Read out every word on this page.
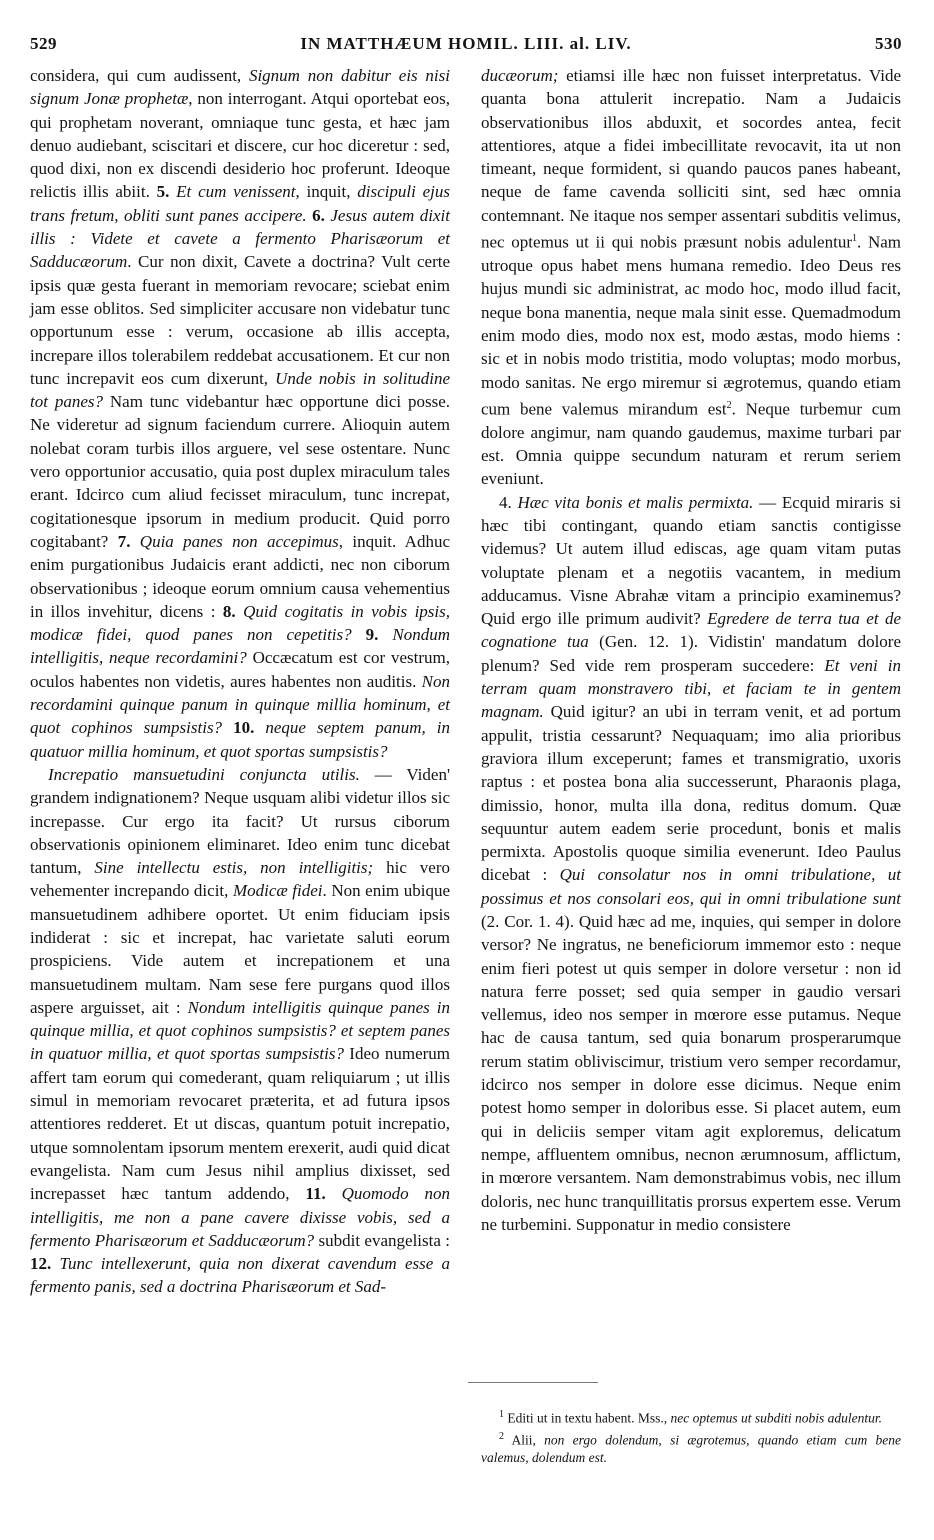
529	IN MATTHÆUM HOMIL. LIII. al. LIV.	530

considera, qui cum audissent, Signum non dabitur eis nisi signum Jonæ prophetæ, non interrogant. Atqui oportebat eos, qui prophetam noverant, omniaque tunc gesta, et hæc jam denuo audiebant, sciscitari et discere, cur hoc diceretur : sed, quod dixi, non ex discendi desiderio hoc proferunt. Ideoque relictis illis abiit. 5. Et cum venissent, inquit, discipuli ejus trans fretum, obliti sunt panes accipere. 6. Jesus autem dixit illis : Videte et cavete a fermento Pharisæorum et Sadducæorum. Cur non dixit, Cavete a doctrina? Vult certe ipsis quæ gesta fuerant in memoriam revocare; sciebat enim jam esse oblitos. Sed simpliciter accusare non videbatur tunc opportunum esse : verum, occasione ab illis accepta, increpare illos tolerabilem reddebat accusationem. Et cur non tunc increpavit eos cum dixerunt, Unde nobis in solitudine tot panes? Nam tunc videbantur hæc opportune dici posse. Ne videretur ad signum faciendum currere. Alioquin autem nolebat coram turbis illos arguere, vel sese ostentare. Nunc vero opportunior accusatio, quia post duplex miraculum tales erant. Idcirco cum aliud fecisset miraculum, tunc increpat, cogitationesque ipsorum in medium producit. Quid porro cogitabant? 7. Quia panes non accepimus, inquit. Adhuc enim purgationibus Judaicis erant addicti, nec non ciborum observationibus ; ideoque eorum omnium causa vehementius in illos invehitur, dicens : 8. Quid cogitatis in vobis ipsis, modicæ fidei, quod panes non cepetitis? 9. Nondum intelligitis, neque recordamini? Occæcatum est cor vestrum, oculos habentes non videtis, aures habentes non auditis. Non recordamini quinque panum in quinque millia hominum, et quot cophinos sumpsistis? 10. neque septem panum, in quatuor millia hominum, et quot sportas sumpsistis?

Increpatio mansuetudini conjuncta utilis. — Viden' grandem indignationem? Neque usquam alibi videtur illos sic increpasse. Cur ergo ita facit? Ut rursus ciborum observationis opinionem eliminaret. Ideo enim tunc dicebat tantum, Sine intellectu estis, non intelligitis; hic vero vehementer increpando dicit, Modicæ fidei. Non enim ubique mansuetudinem adhibere oportet. Ut enim fiduciam ipsis indiderat : sic et increpat, hac varietate saluti eorum prospiciens. Vide autem et increpationem et una mansuetudinem multam. Nam sese fere purgans quod illos aspere arguisset, ait : Nondum intelligitis quinque panes in quinque millia, et quot cophinos sumpsistis? et septem panes in quatuor millia, et quot sportas sumpsistis? Ideo numerum affert tam eorum qui comederant, quam reliquiarum ; ut illis simul in memoriam revocaret præterita, et ad futura ipsos attentiores redderet. Et ut discas, quantum potuit increpatio, utque somnolentam ipsorum mentem erexerit, audi quid dicat evangelista. Nam cum Jesus nihil amplius dixisset, sed increpasset hæc tantum addendo, 11. Quomodo non intelligitis, me non a pane cavere dixisse vobis, sed a fermento Pharisæorum et Sadducæorum? subdit evangelista : 12. Tunc intellexerunt, quia non dixerat cavendum esse a fermento panis, sed a doctrina Pharisæorum et Sad-

ducæorum; etiamsi ille hæc non fuisset interpretatus. Vide quanta bona attulerit increpatio. Nam a Judaicis observationibus illos abduxit, et socordes antea, fecit attentiores, atque a fidei imbecillitate revocavit, ita ut non timeant, neque formident, si quando paucos panes habeant, neque de fame cavenda solliciti sint, sed hæc omnia contemnant. Ne itaque nos semper assentari subditis velimus, nec optemus ut ii qui nobis præsunt nobis adulentur$^1$. Nam utroque opus habet mens humana remedio. Ideo Deus res hujus mundi sic administrat, ac modo hoc, modo illud facit, neque bona manentia, neque mala sinit esse. Quemadmodum enim modo dies, modo nox est, modo æstas, modo hiems : sic et in nobis modo tristitia, modo voluptas; modo morbus, modo sanitas. Ne ergo miremur si ægrotemus, quando etiam cum bene valemus mirandum est$^2$. Neque turbemur cum dolore angimur, nam quando gaudemus, maxime turbari par est. Omnia quippe secundum naturam et rerum seriem eveniunt.

4. Hæc vita bonis et malis permixta. — Ecquid miraris si hæc tibi contingant, quando etiam sanctis contigisse videmus? Ut autem illud ediscas, age quam vitam putas voluptate plenam et a negotiis vacantem, in medium adducamus. Visne Abrahæ vitam a principio examinemus? Quid ergo ille primum audivit? Egredere de terra tua et de cognatione tua (Gen. 12. 1). Vidistin' mandatum dolore plenum? Sed vide rem prosperam succedere: Et veni in terram quam monstravero tibi, et faciam te in gentem magnam. Quid igitur? an ubi in terram venit, et ad portum appulit, tristia cessarunt? Nequaquam; imo alia prioribus graviora illum exceperunt; fames et transmigratio, uxoris raptus : et postea bona alia successerunt, Pharaonis plaga, dimissio, honor, multa illa dona, reditus domum. Quæ sequuntur autem eadem serie procedunt, bonis et malis permixta. Apostolis quoque similia evenerunt. Ideo Paulus dicebat : Qui consolatur nos in omni tribulatione, ut possimus et nos consolari eos, qui in omni tribulatione sunt (2. Cor. 1. 4). Quid hæc ad me, inquies, qui semper in dolore versor? Ne ingratus, ne beneficiorum immemor esto : neque enim fieri potest ut quis semper in dolore versetur : non id natura ferre posset; sed quia semper in gaudio versari vellemus, ideo nos semper in mœrore esse putamus. Neque hac de causa tantum, sed quia bonarum prosperarumque rerum statim obliviscimur, tristium vero semper recordamur, idcirco nos semper in dolore esse dicimus. Neque enim potest homo semper in doloribus esse. Si placet autem, eum qui in deliciis semper vitam agit exploremus, delicatum nempe, affluentem omnibus, necnon ærumnosum, afflictum, in mœrore versantem. Nam demonstrabimus vobis, nec illum doloris, nec hunc tranquillitatis prorsus expertem esse. Verum ne turbemini. Supponatur in medio consistere

$^1$ Editi ut in textu habent. Mss., nec optemus ut subditi nobis adulentur.

$^2$ Alii, non ergo dolendum, si ægrotemus, quando etiam cum bene valemus, dolendum est.
